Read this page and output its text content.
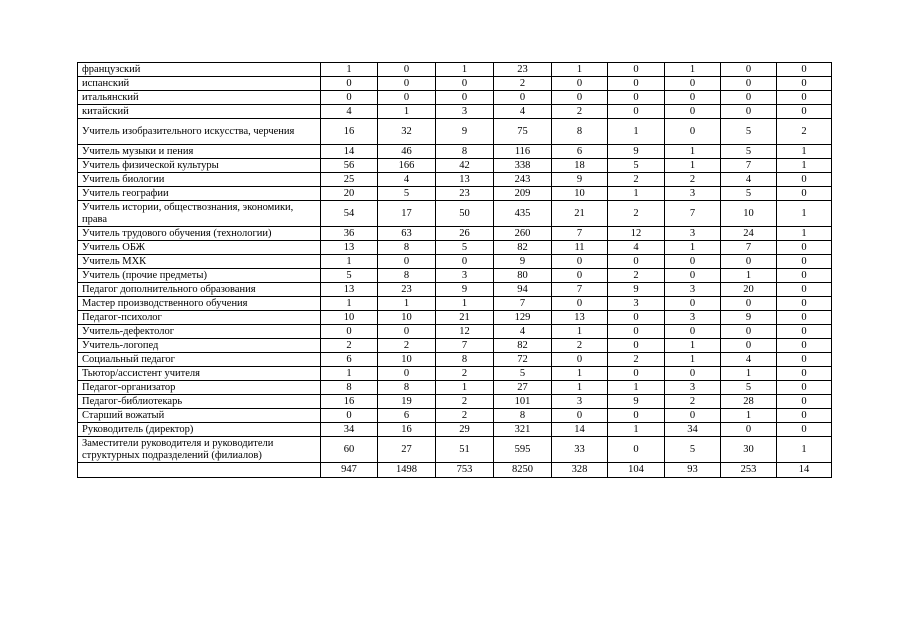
французский	1	0	1	23	1	0	1	0	0
испанский	0	0	0	2	0	0	0	0	0
итальянский	0	0	0	0	0	0	0	0	0
китайский	4	1	3	4	2	0	0	0	0
Учитель изобразительного искусства, черчения	16	32	9	75	8	1	0	5	2
Учитель музыки и пения	14	46	8	116	6	9	1	5	1
Учитель физической культуры	56	166	42	338	18	5	1	7	1
Учитель биологии	25	4	13	243	9	2	2	4	0
Учитель географии	20	5	23	209	10	1	3	5	0
Учитель истории, обществознания, экономики, права	54	17	50	435	21	2	7	10	1
Учитель трудового обучения (технологии)	36	63	26	260	7	12	3	24	1
Учитель ОБЖ	13	8	5	82	11	4	1	7	0
Учитель МХК	1	0	0	9	0	0	0	0	0
Учитель (прочие предметы)	5	8	3	80	0	2	0	1	0
Педагог дополнительного образования	13	23	9	94	7	9	3	20	0
Мастер производственного обучения	1	1	1	7	0	3	0	0	0
Педагог-психолог	10	10	21	129	13	0	3	9	0
Учитель-дефектолог	0	0	12	4	1	0	0	0	0
Учитель-логопед	2	2	7	82	2	0	1	0	0
Социальный педагог	6	10	8	72	0	2	1	4	0
Тьютор/ассистент учителя	1	0	2	5	1	0	0	1	0
Педагог-организатор	8	8	1	27	1	1	3	5	0
Педагог-библиотекарь	16	19	2	101	3	9	2	28	0
Старший вожатый	0	6	2	8	0	0	0	1	0
Руководитель (директор)	34	16	29	321	14	1	34	0	0
Заместители руководителя и руководители структурных подразделений (филиалов)	60	27	51	595	33	0	5	30	1
	947	1498	753	8250	328	104	93	253	14
